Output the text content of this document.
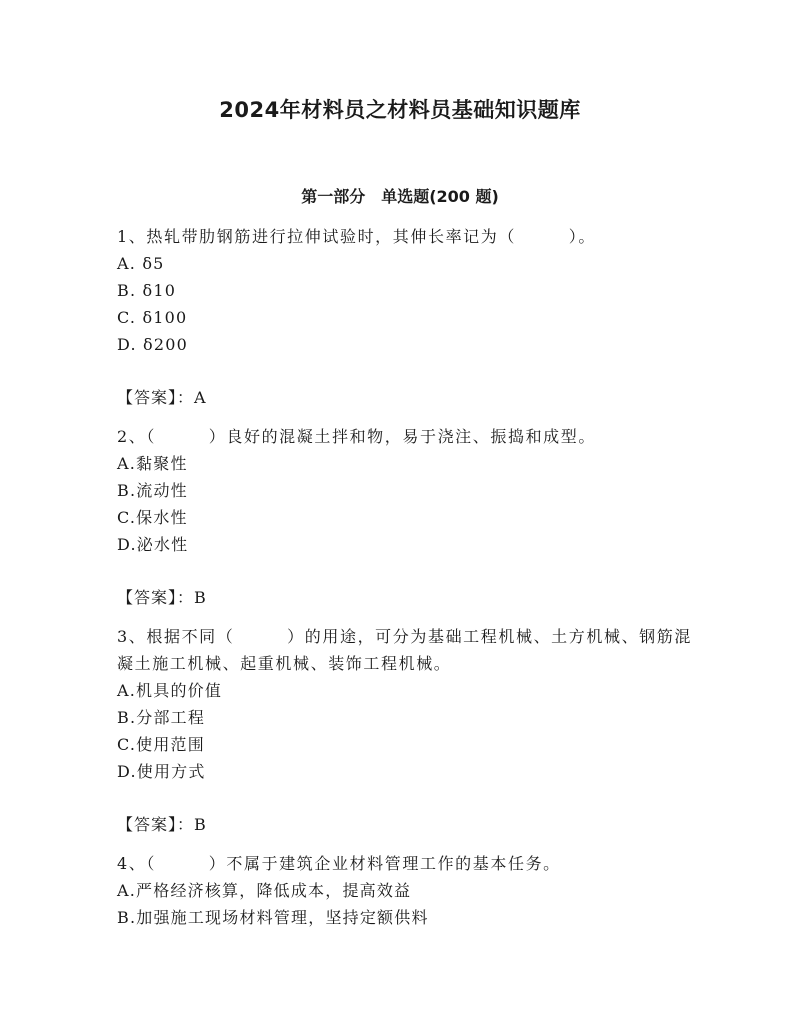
2024年材料员之材料员基础知识题库
第一部分　单选题(200 题)
1、热轧带肋钢筋进行拉伸试验时，其伸长率记为（　　　）。
A. δ5
B. δ10
C. δ100
D. δ200
【答案】：A
2、（　　　）良好的混凝土拌和物，易于浇注、振捣和成型。
A.黏聚性
B.流动性
C.保水性
D.泌水性
【答案】：B
3、根据不同（　　　）的用途，可分为基础工程机械、土方机械、钢筋混凝土施工机械、起重机械、装饰工程机械。
A.机具的价值
B.分部工程
C.使用范围
D.使用方式
【答案】：B
4、（　　　）不属于建筑企业材料管理工作的基本任务。
A.严格经济核算，降低成本，提高效益
B.加强施工现场材料管理，坚持定额供料
